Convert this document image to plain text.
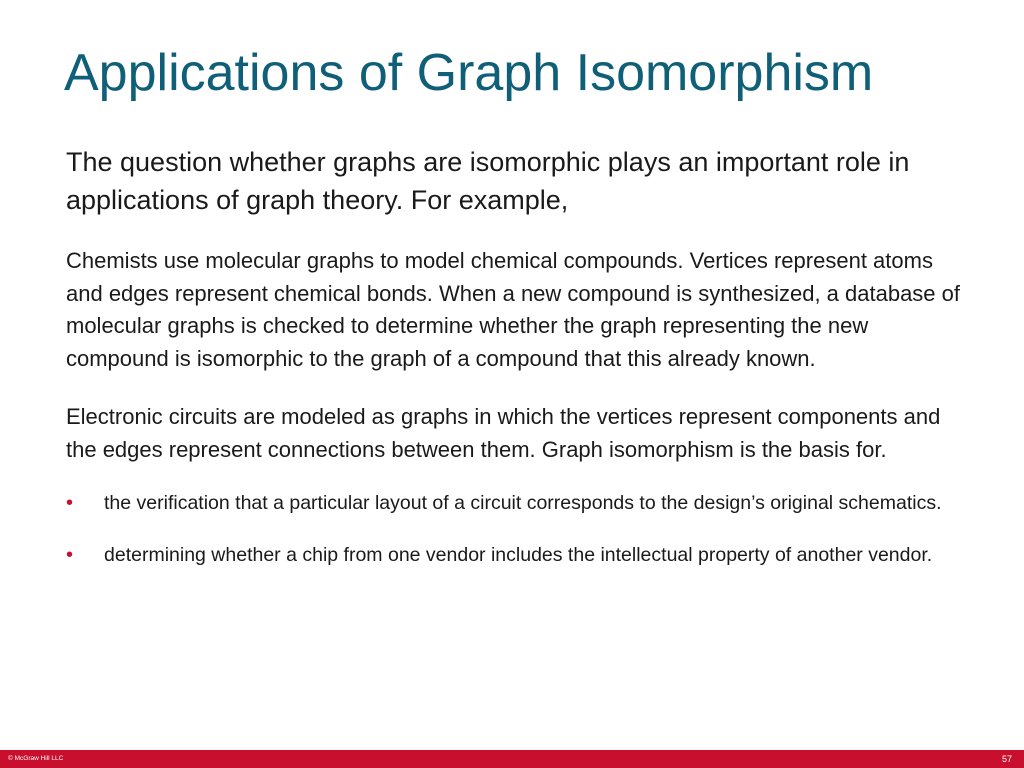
Applications of Graph Isomorphism

The question whether graphs are isomorphic plays an important role in applications of graph theory. For example,

Chemists use molecular graphs to model chemical compounds. Vertices represent atoms and edges represent chemical bonds. When a new compound is synthesized, a database of molecular graphs is checked to determine whether the graph representing the new compound is isomorphic to the graph of a compound that this already known.

Electronic circuits are modeled as graphs in which the vertices represent components and the edges represent connections between them. Graph isomorphism is the basis for.

• the verification that a particular layout of a circuit corresponds to the design’s original schematics.
• determining whether a chip from one vendor includes the intellectual property of another vendor.
© McGraw Hill LLC	57
